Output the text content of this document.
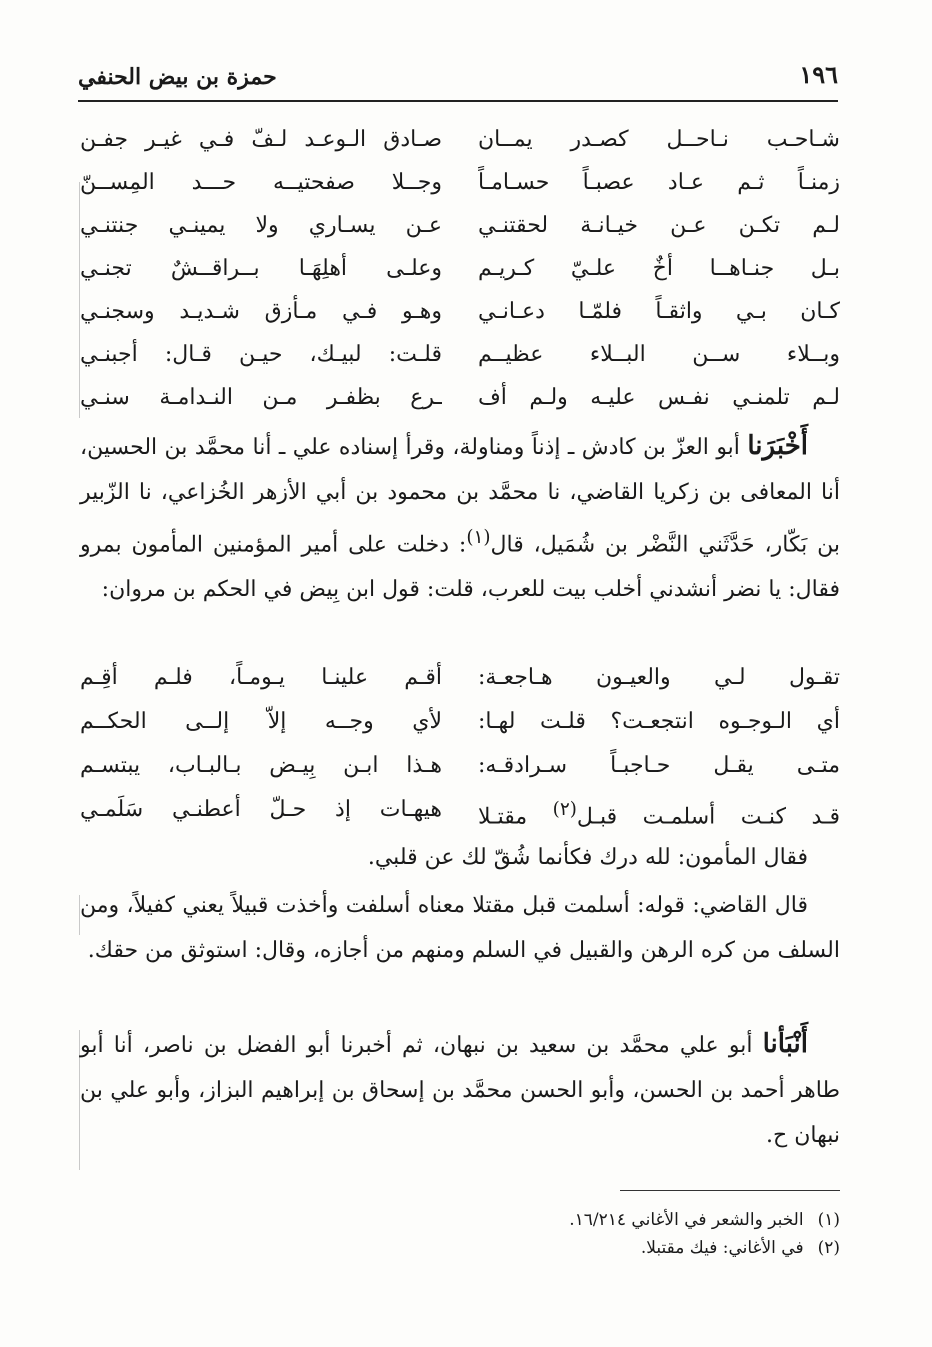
١٩٦
حمزة بن بيض الحنفي
شـاحـب نـاحــل كصـدر يمــان
صـادق الـوعـد لـفّ فـي غيـر جفـن
زمنـاً ثـم عـاد عصبـاً حسـامـاً
وجــلا صفحتيــه حـــد المِســنّ
لـم تكـن عـن خيـانـة لحقتنـي
عـن يسـاري ولا يمينـي جنتنـي
بـل جنـاهــا أخٌ علـيّ كـريـم
وعلـى أهلِهَـا بــراقــشٌ تجنـي
كـان بـي واثقـاً فلمّـا دعـانـي
وهـو فـي مـأزق شـديـد وسجنـي
وبــلاء ســن البــلاء عظيــم
قلـت: لبيـك، حيـن قـال: أجبنـي
لـم تلمنـي نفـس عليـه ولـم أف
ـرع بظفـر مـن النـدامـة سنـي
أَخْبَرَنا أبو العزّ بن كادش ـ إذناً ومناولة، وقرأ إسناده علي ـ أنا محمَّد بن الحسين، أنا المعافى بن زكريا القاضي، نا محمَّد بن محمود بن أبي الأزهر الخُزاعي، نا الزّبير بن بَكّار، حَدَّثَني النَّضْر بن شُمَيل، قال$^{(١)}$: دخلت على أمير المؤمنين المأمون بمرو فقال: يا نضر أنشدني أخلب بيت للعرب، قلت: قول ابن بِيض في الحكم بن مروان:
تقـول لـي والعيـون هـاجعـة:
أقـم علينـا يـومـاً، فلـم أقِـم
أي الـوجـوه انتجعـت؟ قلـت لهـا:
لأي وجــه إلاّ إلــى الحكــم
متـى يقـل حـاجبـاً سـرادقـه:
هـذا ابـن بِيـض بـالبـاب، يبتسـم
قـد كنـت أسلمـت قبـل$^{(٢)}$ مقتـلا
هيهـات إذ حـلّ أعطنـي سَلَمـي
فقال المأمون: لله درك فكأنما شُقّ لك عن قلبي.
قال القاضي: قوله: أسلمت قبل مقتلا معناه أسلفت وأخذت قبيلاً يعني كفيلاً، ومن السلف من كره الرهن والقبيل في السلم ومنهم من أجازه، وقال: استوثق من حقك.
أَنْبَأنا أبو علي محمَّد بن سعيد بن نبهان، ثم أخبرنا أبو الفضل بن ناصر، أنا أبو طاهر أحمد بن الحسن، وأبو الحسن محمَّد بن إسحاق بن إبراهيم البزاز، وأبو علي بن نبهان ح.
(١)الخبر والشعر في الأغاني ١٦/٢١٤.
(٢)في الأغاني: فيك مقتبلا.
